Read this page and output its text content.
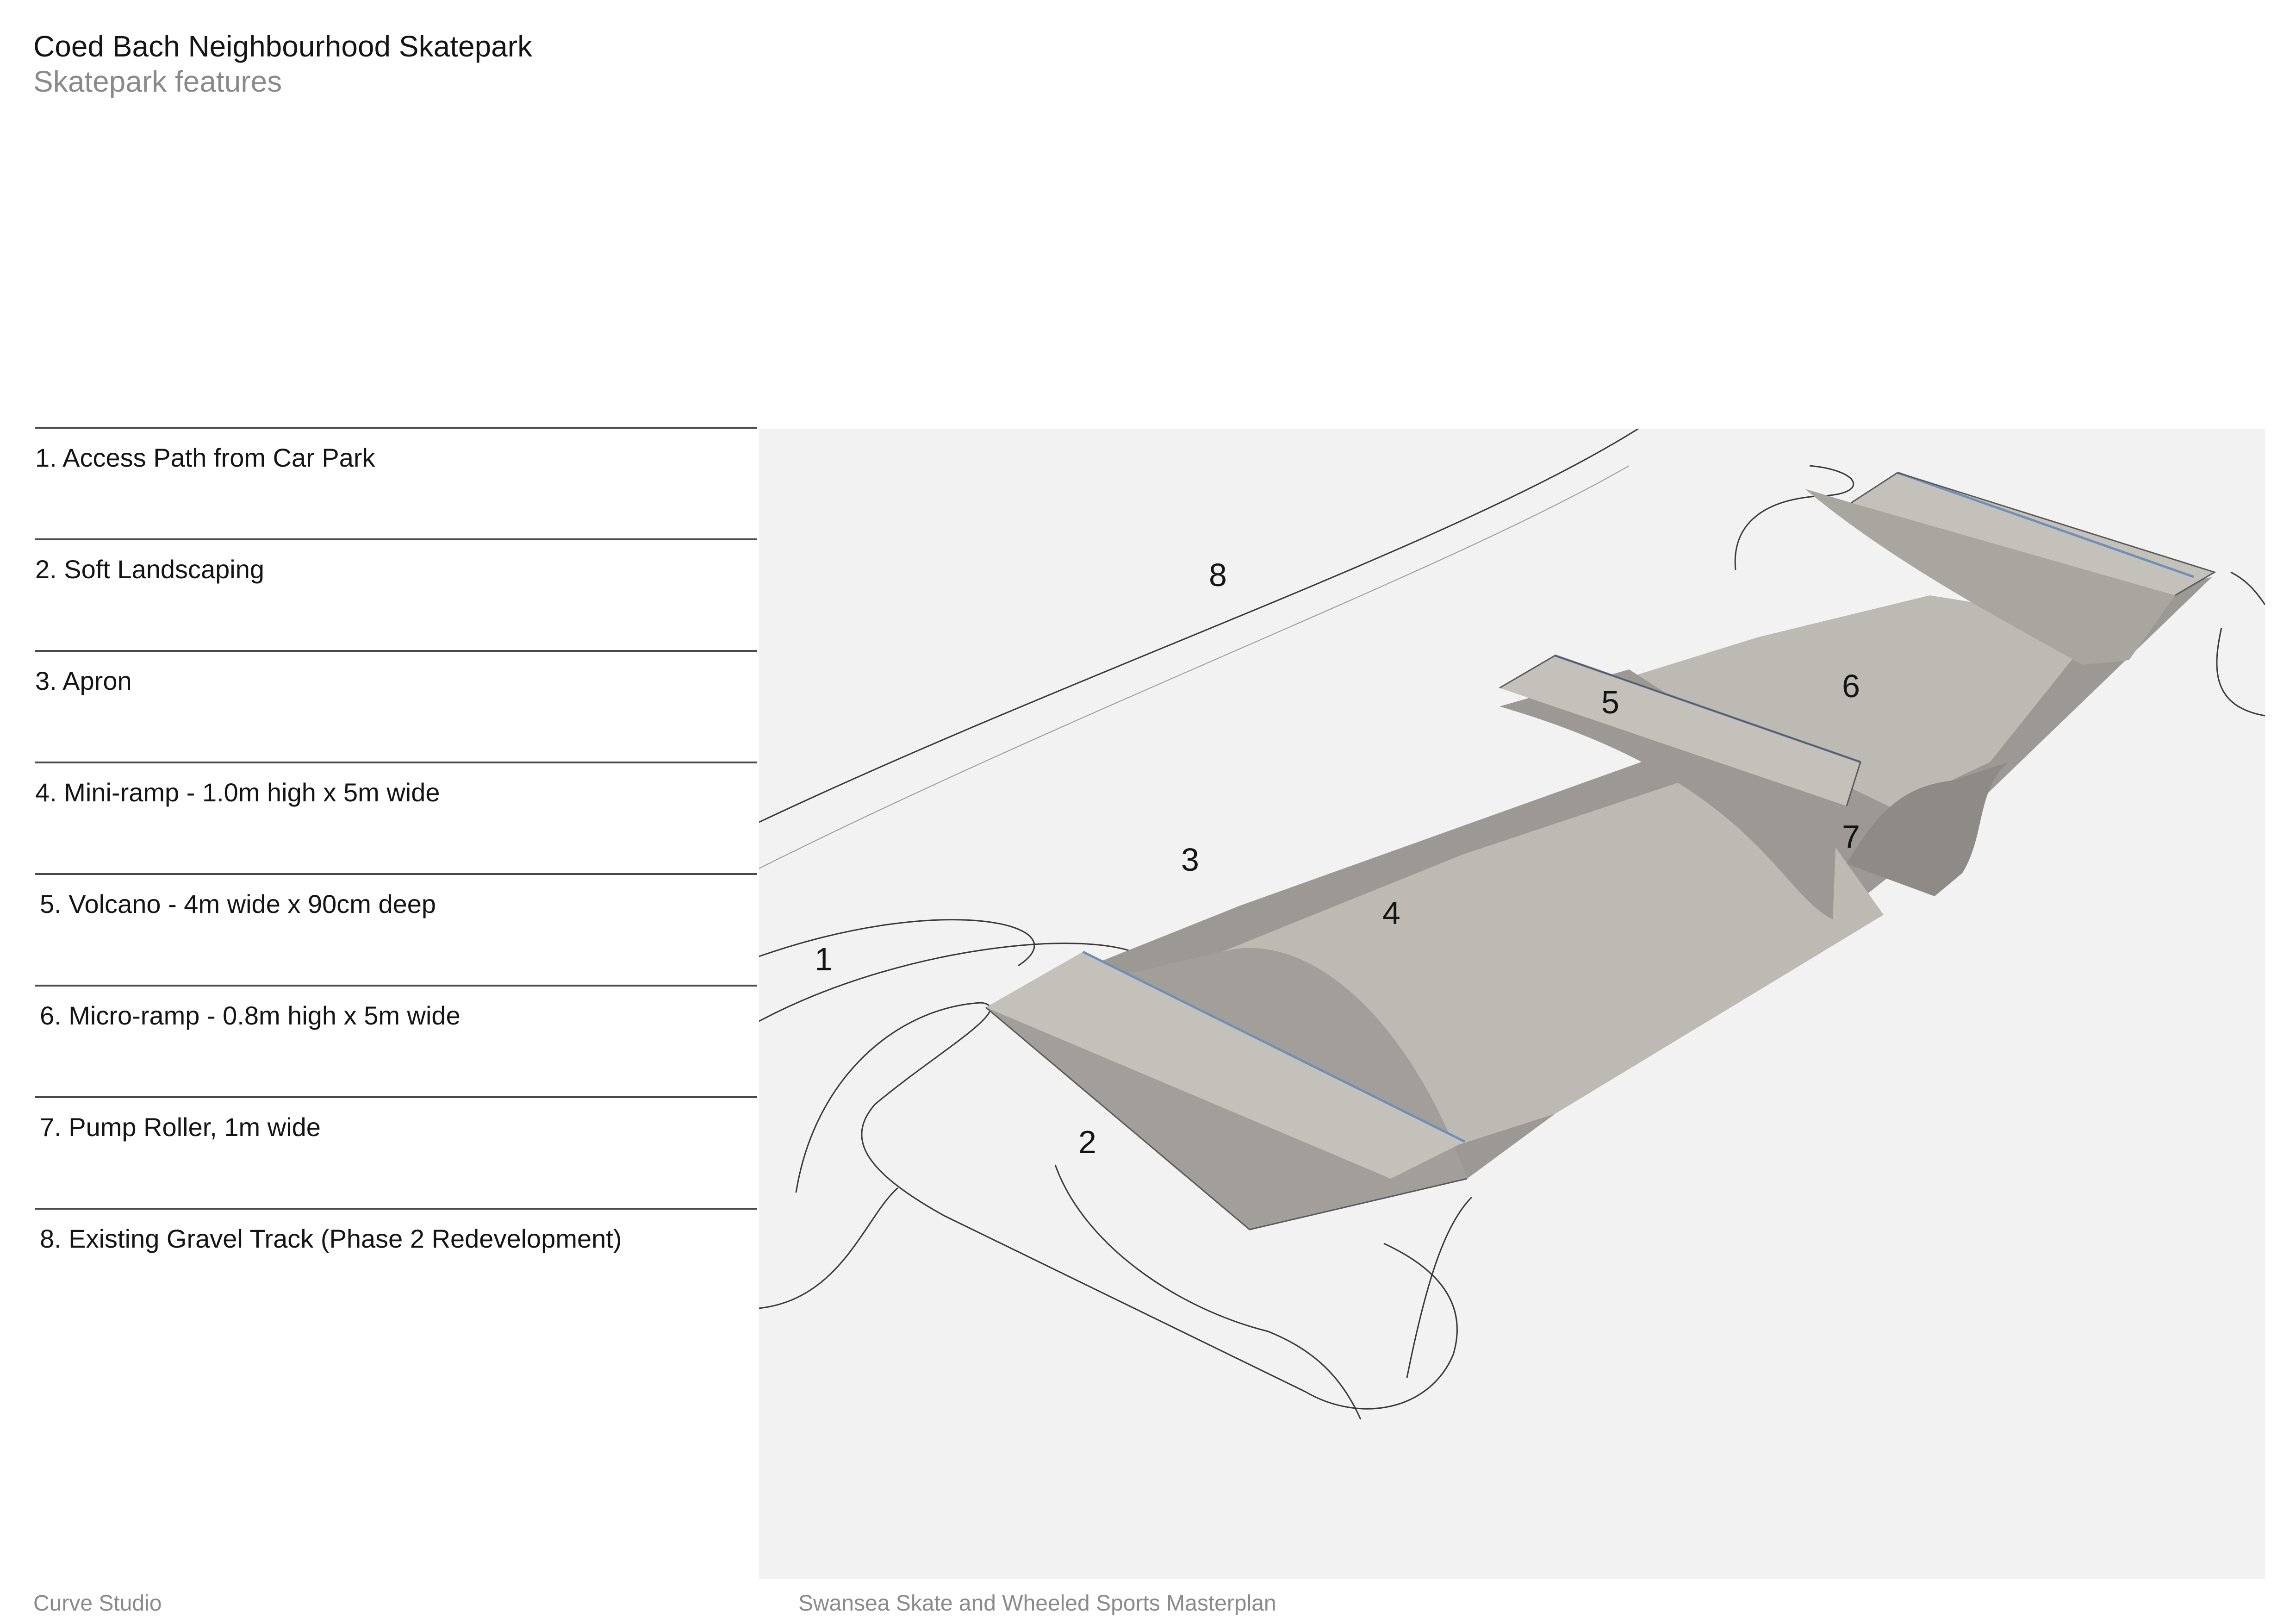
Coed Bach Neighbourhood Skatepark
Skatepark features
1. Access Path from Car Park
2. Soft Landscaping
3. Apron
4. Mini-ramp - 1.0m high x 5m wide
5. Volcano - 4m wide x 90cm deep
6. Micro-ramp - 0.8m high x 5m wide
7. Pump Roller, 1m wide
8. Existing Gravel Track (Phase 2 Redevelopment)
1
2
3
4
5	6
7
8
Curve Studio	Swansea Skate and Wheeled Sports Masterplan
